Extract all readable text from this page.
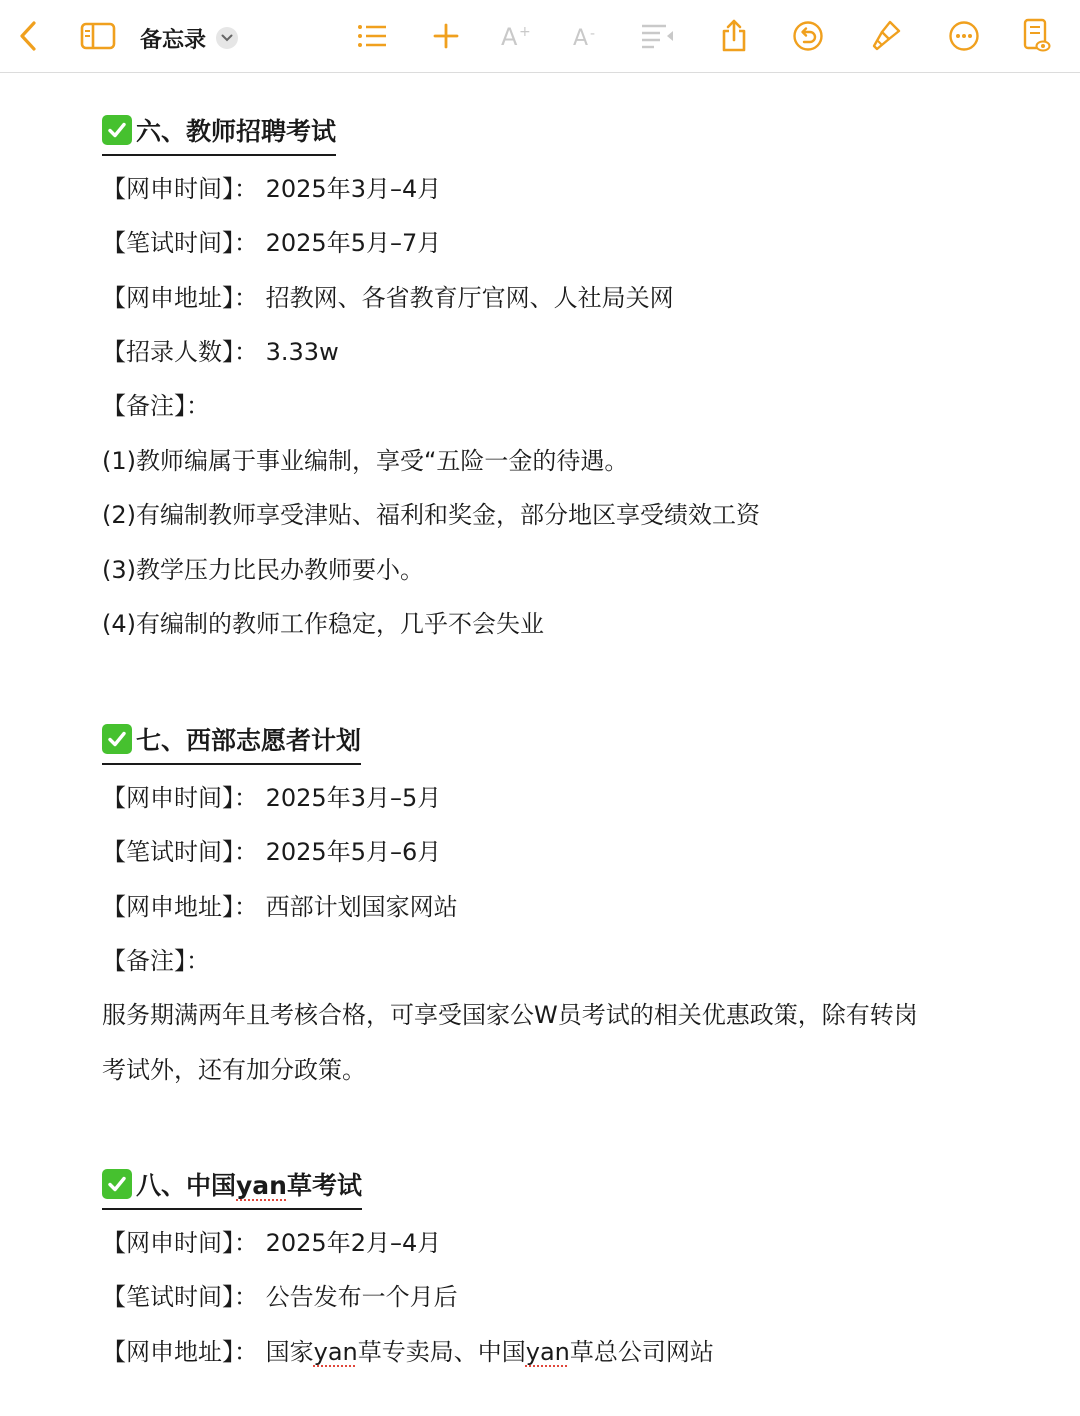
备忘录	A + A -
六、教师招聘考试
【网申时间】： 2025年3月–4月
【笔试时间】： 2025年5月–7月
【网申地址】： 招教网、各省教育厅官网、人社局关网
【招录人数】： 3.33w
【备注】：
(1)教师编属于事业编制，享受“五险一金的待遇。
(2)有编制教师享受津贴、福利和奖金，部分地区享受绩效工资
(3)教学压力比民办教师要小。
(4)有编制的教师工作稳定，几乎不会失业
七、西部志愿者计划
【网申时间】： 2025年3月–5月
【笔试时间】： 2025年5月–6月
【网申地址】： 西部计划国家网站
【备注】：
服务期满两年且考核合格，可享受国家公W员考试的相关优惠政策，除有转岗
考试外，还有加分政策。
八、中国yan草考试
【网申时间】： 2025年2月–4月
【笔试时间】： 公告发布一个月后
【网申地址】： 国家yan草专卖局、中国yan草总公司网站
